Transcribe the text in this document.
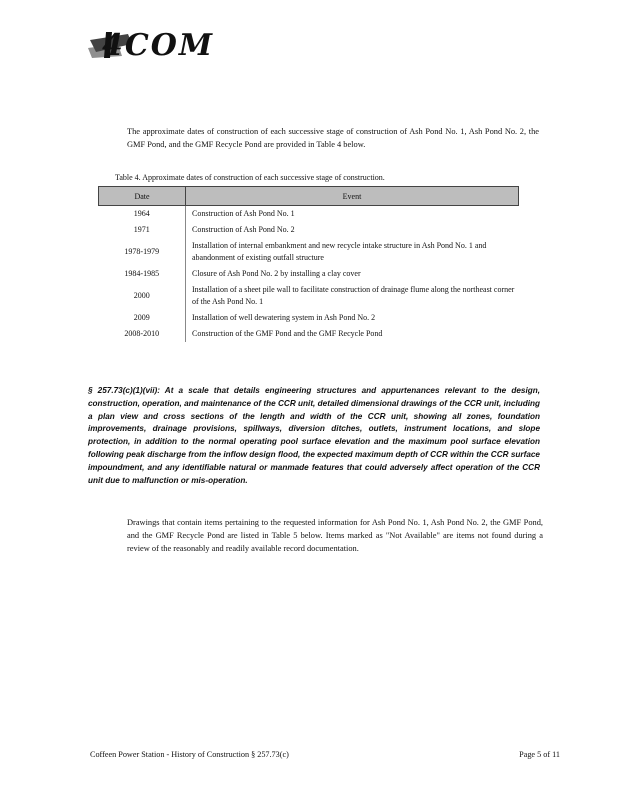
4COM
The approximate dates of construction of each successive stage of construction of Ash Pond No. 1, Ash Pond No. 2, the GMF Pond, and the GMF Recycle Pond are provided in Table 4 below.
Table 4. Approximate dates of construction of each successive stage of construction.
Date	Event
1964	Construction of Ash Pond No. 1
1971	Construction of Ash Pond No. 2
1978-1979	Installation of internal embankment and new recycle intake structure in Ash Pond No. 1 and abandonment of existing outfall structure
1984-1985	Closure of Ash Pond No. 2 by installing a clay cover
2000	Installation of a sheet pile wall to facilitate construction of drainage flume along the northeast corner of the Ash Pond No. 1
2009	Installation of well dewatering system in Ash Pond No. 2
2008-2010	Construction of the GMF Pond and the GMF Recycle Pond
§ 257.73(c)(1)(vii): At a scale that details engineering structures and appurtenances relevant to the design, construction, operation, and maintenance of the CCR unit, detailed dimensional drawings of the CCR unit, including a plan view and cross sections of the length and width of the CCR unit, showing all zones, foundation improvements, drainage provisions, spillways, diversion ditches, outlets, instrument locations, and slope protection, in addition to the normal operating pool surface elevation and the maximum pool surface elevation following peak discharge from the inflow design flood, the expected maximum depth of CCR within the CCR surface impoundment, and any identifiable natural or manmade features that could adversely affect operation of the CCR unit due to malfunction or mis-operation.
Drawings that contain items pertaining to the requested information for Ash Pond No. 1, Ash Pond No. 2, the GMF Pond, and the GMF Recycle Pond are listed in Table 5 below. Items marked as "Not Available" are items not found during a review of the reasonably and readily available record documentation.
Coffeen Power Station - History of Construction § 257.73(c)	Page 5 of 11
